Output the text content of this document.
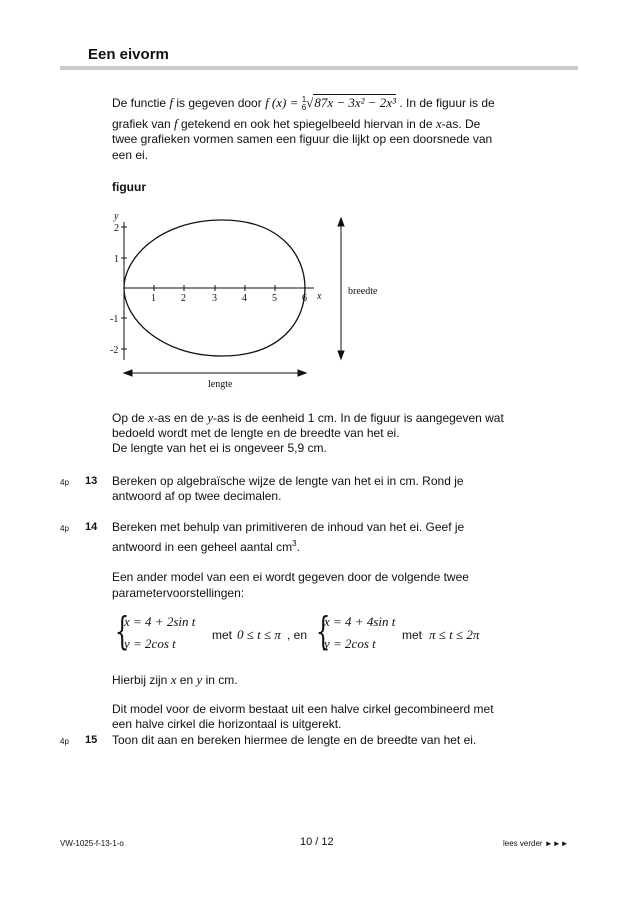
Een eivorm
De functie f is gegeven door f (x) = 1
6√87x − 3x² − 2x³ . In de figuur is de
grafiek van f getekend en ook het spiegelbeeld hiervan in de x-as. De
twee grafieken vormen samen een figuur die lijkt op een doorsnede van
een ei.
figuur
y
x
1	2	3	4	5	6
2
1
-1
-2
breedte
lengte
Op de x-as en de y-as is de eenheid 1 cm. In de figuur is aangegeven wat
bedoeld wordt met de lengte en de breedte van het ei.
De lengte van het ei is ongeveer 5,9 cm.
4p 13 Bereken op algebraïsche wijze de lengte van het ei in cm. Rond je
antwoord af op twee decimalen.
4p 14 Bereken met behulp van primitiveren de inhoud van het ei. Geef je
antwoord in een geheel aantal $cm^3$.
Een ander model van een ei wordt gegeven door de volgende twee
parametervoorstellingen:
{
x = 4 + 2sin t
y = 2cos t
met 0 ≤ t ≤ π , en {
x = 4 + 4sin t
y = 2cos t
met π ≤ t ≤ 2π
Hierbij zijn x en y in cm.
Dit model voor de eivorm bestaat uit een halve cirkel gecombineerd met
een halve cirkel die horizontaal is uitgerekt.
4p 15 Toon dit aan en bereken hiermee de lengte en de breedte van het ei.
VW-1025-f-13-1-o	10 / 12	lees verder ►►►
